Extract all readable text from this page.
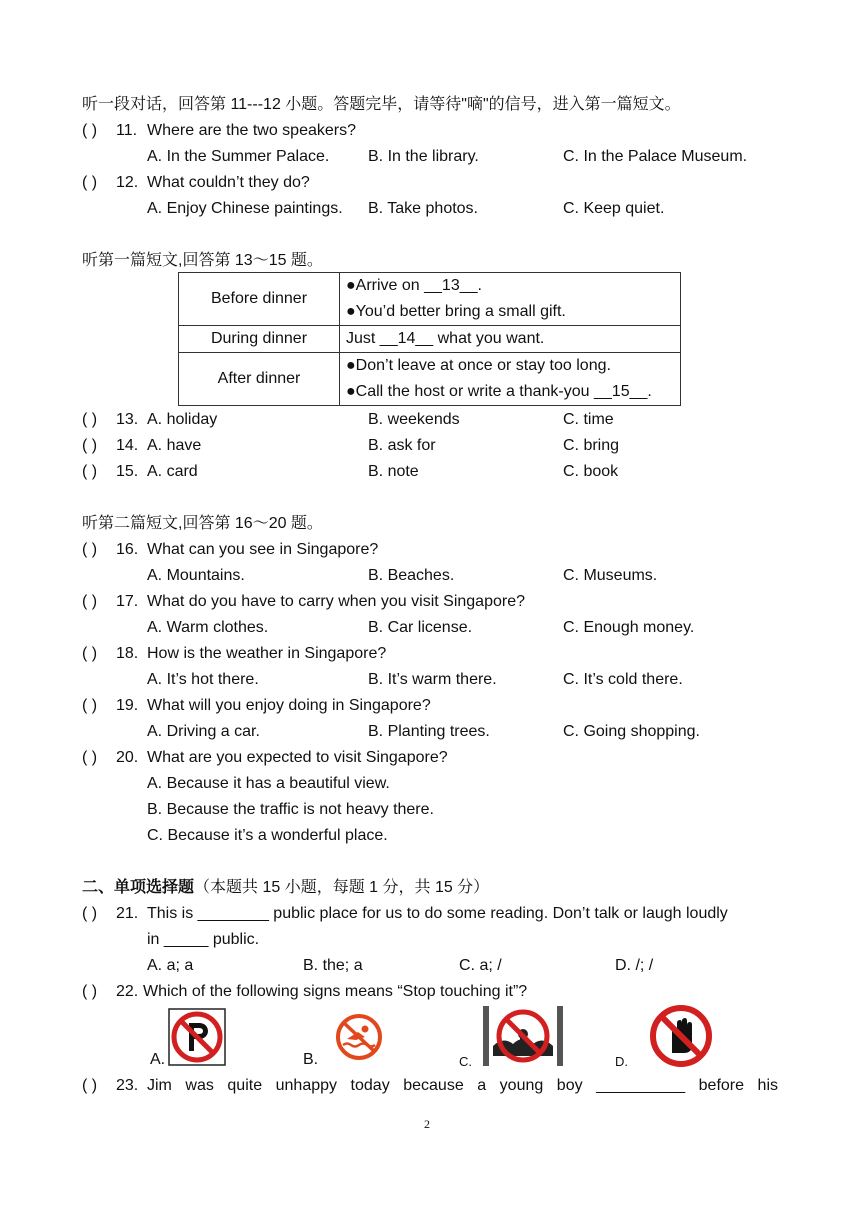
听一段对话，回答第 11---12 小题。答题完毕，请等待"嘀"的信号，进入第一篇短文。
( ) 11. Where are the two speakers?
A. In the Summer Palace. B. In the library.	C. In the Palace Museum.
( ) 12. What couldn’t they do?
A. Enjoy Chinese paintings. B. Take photos.	C. Keep quiet.
听第一篇短文,回答第 13～15 题。
Before dinner	●Arrive on __13__.
●You’d better bring a small gift.

During dinner	Just __14__ what you want.
After dinner	●Don’t leave at once or stay too long.
●Call the host or write a thank-you __15__.
( ) 13. A. holiday	B. weekends	C. time
( ) 14. A. have	B. ask for	C. bring
( ) 15. A. card	B. note	C. book
听第二篇短文,回答第 16～20 题。
( ) 16. What can you see in Singapore?
A. Mountains.	B. Beaches.	C. Museums.
( ) 17. What do you have to carry when you visit Singapore?
A. Warm clothes.	B. Car license.	C. Enough money.
( ) 18. How is the weather in Singapore?
A. It’s hot there.	B. It’s warm there.	C. It’s cold there.
( ) 19. What will you enjoy doing in Singapore?
A. Driving a car.	B. Planting trees.	C. Going shopping.
( ) 20. What are you expected to visit Singapore?
A. Because it has a beautiful view.
B. Because the traffic is not heavy there.
C. Because it’s a wonderful place.
二、单项选择题（本题共 15 小题，每题 1 分，共 15 分）
( ) 21. This is ________ public place for us to do some reading. Don’t talk or laugh loudly
in _____ public.
A. a; a	B. the; a	C. a; /	D. /; /
( ) 22. Which of the following signs means “Stop touching it”?
A.	B.	C.	D.
( ) 23. Jim was quite unhappy today because a young boy __________ before his
2
